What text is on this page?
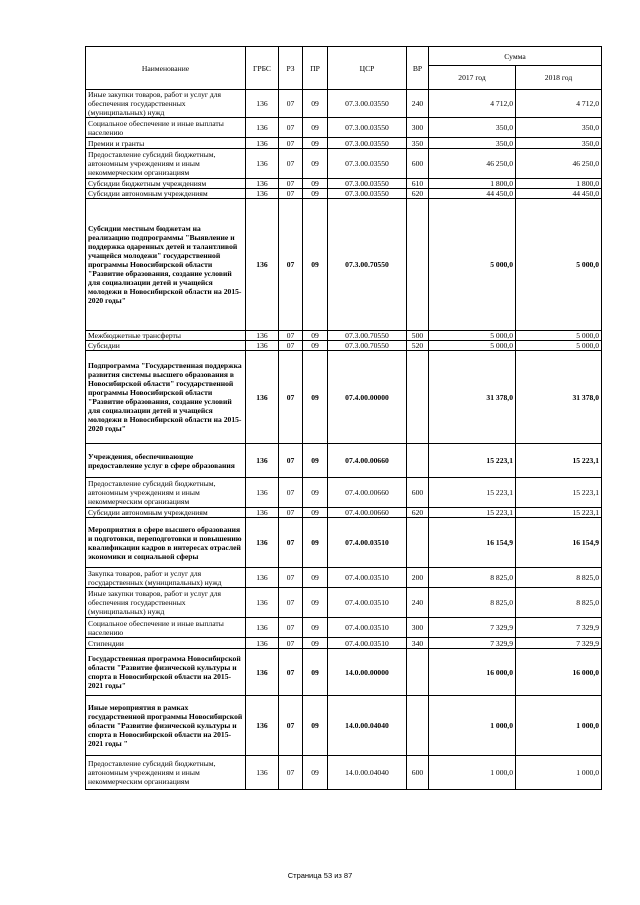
Наименование	ГРБС	РЗ	ПР	ЦСР	ВР	Сумма	
						2017 год	2018 год
Иные закупки товаров, работ и услуг для обеспечения государственных (муниципальных) нужд	136	07	09	07.3.00.03550	240	4 712,0	4 712,0
Социальное обеспечение и иные выплаты населению	136	07	09	07.3.00.03550	300	350,0	350,0
Премии и гранты	136	07	09	07.3.00.03550	350	350,0	350,0
Предоставление субсидий бюджетным, автономным учреждениям и иным некоммерческим организациям	136	07	09	07.3.00.03550	600	46 250,0	46 250,0
Субсидии бюджетным учреждениям	136	07	09	07.3.00.03550	610	1 800,0	1 800,0
Субсидии автономным учреждениям	136	07	09	07.3.00.03550	620	44 450,0	44 450,0
Субсидии местным бюджетам на реализацию подпрограммы "Выявление и поддержка одаренных детей и талантливой учащейся молодежи" государственной программы Новосибирской области "Развитие образования, создание условий для социализации детей и учащейся молодежи в Новосибирской области на 2015-2020 годы"	136	07	09	07.3.00.70550		5 000,0	5 000,0
Межбюджетные трансферты	136	07	09	07.3.00.70550	500	5 000,0	5 000,0
Субсидии	136	07	09	07.3.00.70550	520	5 000,0	5 000,0
Подпрограмма "Государственная поддержка развития системы высшего образования в Новосибирской области" государственной программы Новосибирской области "Развитие образования, создание условий для социализации детей и учащейся молодежи в Новосибирской области на 2015-2020 годы"	136	07	09	07.4.00.00000		31 378,0	31 378,0
Учреждения, обеспечивающие предоставление услуг в сфере образования	136	07	09	07.4.00.00660		15 223,1	15 223,1
Предоставление субсидий бюджетным, автономным учреждениям и иным некоммерческим организациям	136	07	09	07.4.00.00660	600	15 223,1	15 223,1
Субсидии автономным учреждениям	136	07	09	07.4.00.00660	620	15 223,1	15 223,1
Мероприятия в сфере высшего образования и подготовки, переподготовки и повышению квалификации кадров в интересах отраслей экономики и социальной сферы	136	07	09	07.4.00.03510		16 154,9	16 154,9
Закупка товаров, работ и услуг для государственных (муниципальных) нужд	136	07	09	07.4.00.03510	200	8 825,0	8 825,0
Иные закупки товаров, работ и услуг для обеспечения государственных (муниципальных) нужд	136	07	09	07.4.00.03510	240	8 825,0	8 825,0
Социальное обеспечение и иные выплаты населению	136	07	09	07.4.00.03510	300	7 329,9	7 329,9
Стипендии	136	07	09	07.4.00.03510	340	7 329,9	7 329,9
Государственная программа Новосибирской области "Развитие физической культуры и спорта в Новосибирской области на 2015-2021 годы"	136	07	09	14.0.00.00000		16 000,0	16 000,0
Иные мероприятия в рамках государственной программы Новосибирской области "Развитие физической культуры и спорта в Новосибирской области на 2015-2021 годы "	136	07	09	14.0.00.04040		1 000,0	1 000,0
Предоставление субсидий бюджетным, автономным учреждениям и иным некоммерческим организациям	136	07	09	14.0.00.04040	600	1 000,0	1 000,0
Страница 53 из 87
